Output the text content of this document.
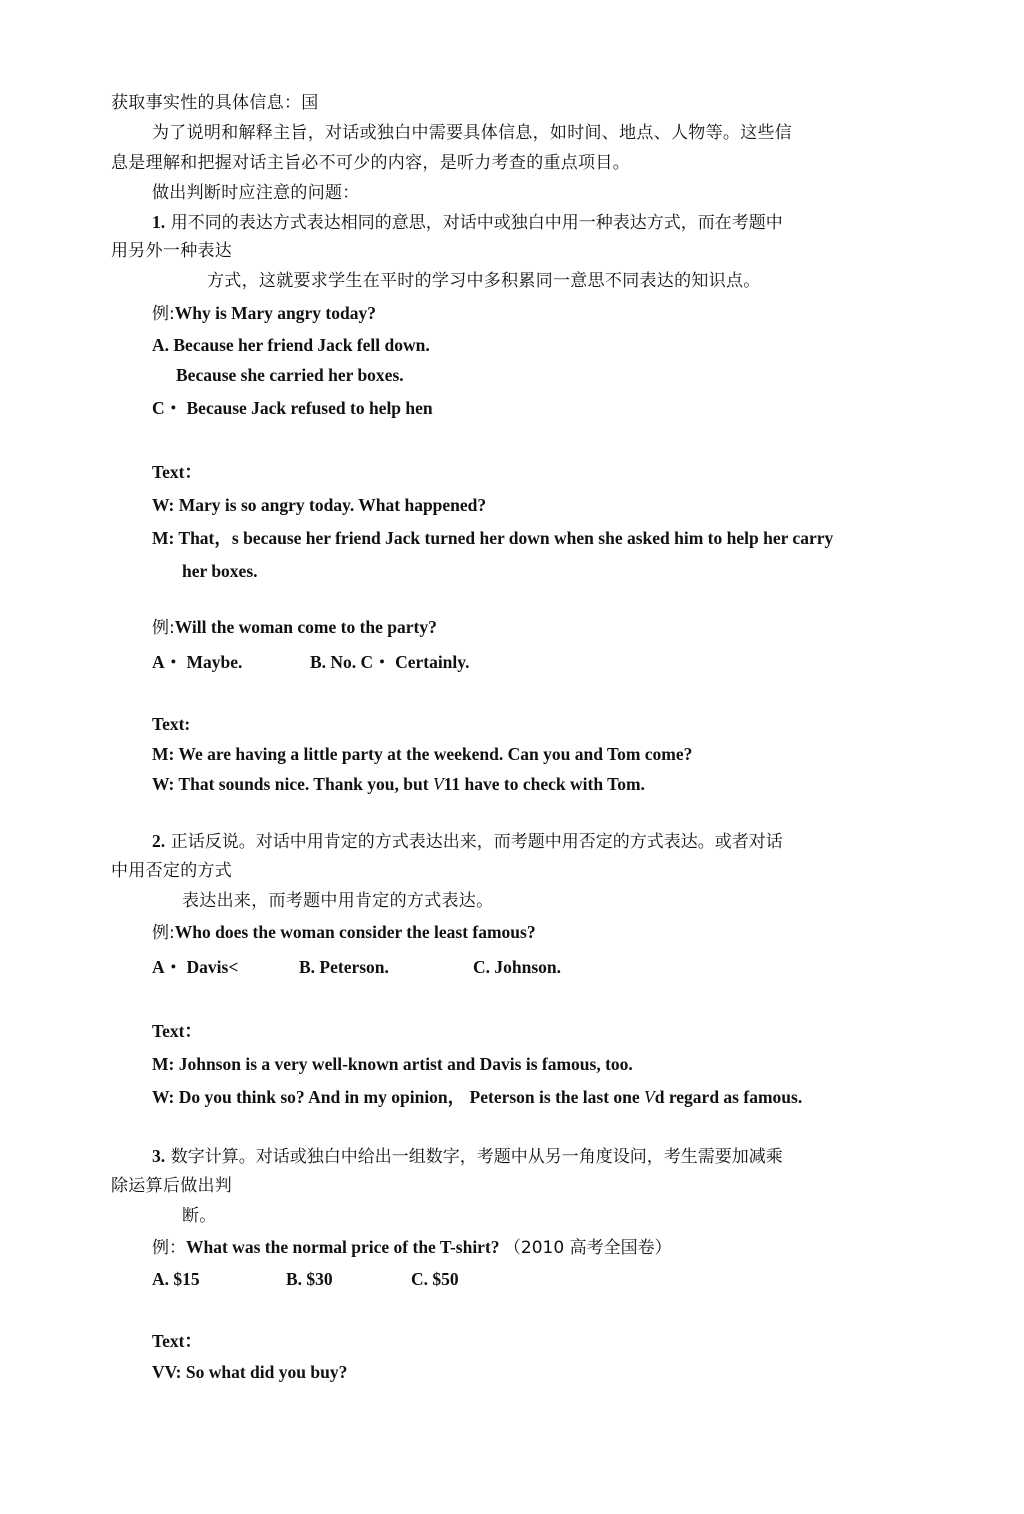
获取事实性的具体信息：国
为了说明和解释主旨，对话或独白中需要具体信息，如时间、地点、人物等。这些信
息是理解和把握对话主旨必不可少的内容，是听力考查的重点项目。
做出判断时应注意的问题：
1. 用不同的表达方式表达相同的意思，对话中或独白中用一种表达方式，而在考题中
用另外一种表达
方式，这就要求学生在平时的学习中多积累同一意思不同表达的知识点。
例:Why is Mary angry today?
A. Because her friend Jack fell down.
Because she carried her boxes.
C・ Because Jack refused to help hen
Text：
W: Mary is so angry today. What happened?
M: That，s because her friend Jack turned her down when she asked him to help her carry
her boxes.
例:Will the woman come to the party?
A・ Maybe.	B. No. C・ Certainly.
Text:
M: We are having a little party at the weekend. Can you and Tom come?
W: That sounds nice. Thank you, but V11 have to check with Tom.
2. 正话反说。对话中用肯定的方式表达出来，而考题中用否定的方式表达。或者对话
中用否定的方式
表达出来，而考题中用肯定的方式表达。
例:Who does the woman consider the least famous?
A・ Davis<	B. Peterson.	C. Johnson.
Text：
M: Johnson is a very well-known artist and Davis is famous, too.
W: Do you think so? And in my opinion， Peterson is the last one Vd regard as famous.
3. 数字计算。对话或独白中给出一组数字，考题中从另一角度设问，考生需要加减乘
除运算后做出判
断。
例：What was the normal price of the T-shirt? （2010 高考全国卷）
A. $15	B. $30	C. $50
Text：
VV: So what did you buy?
